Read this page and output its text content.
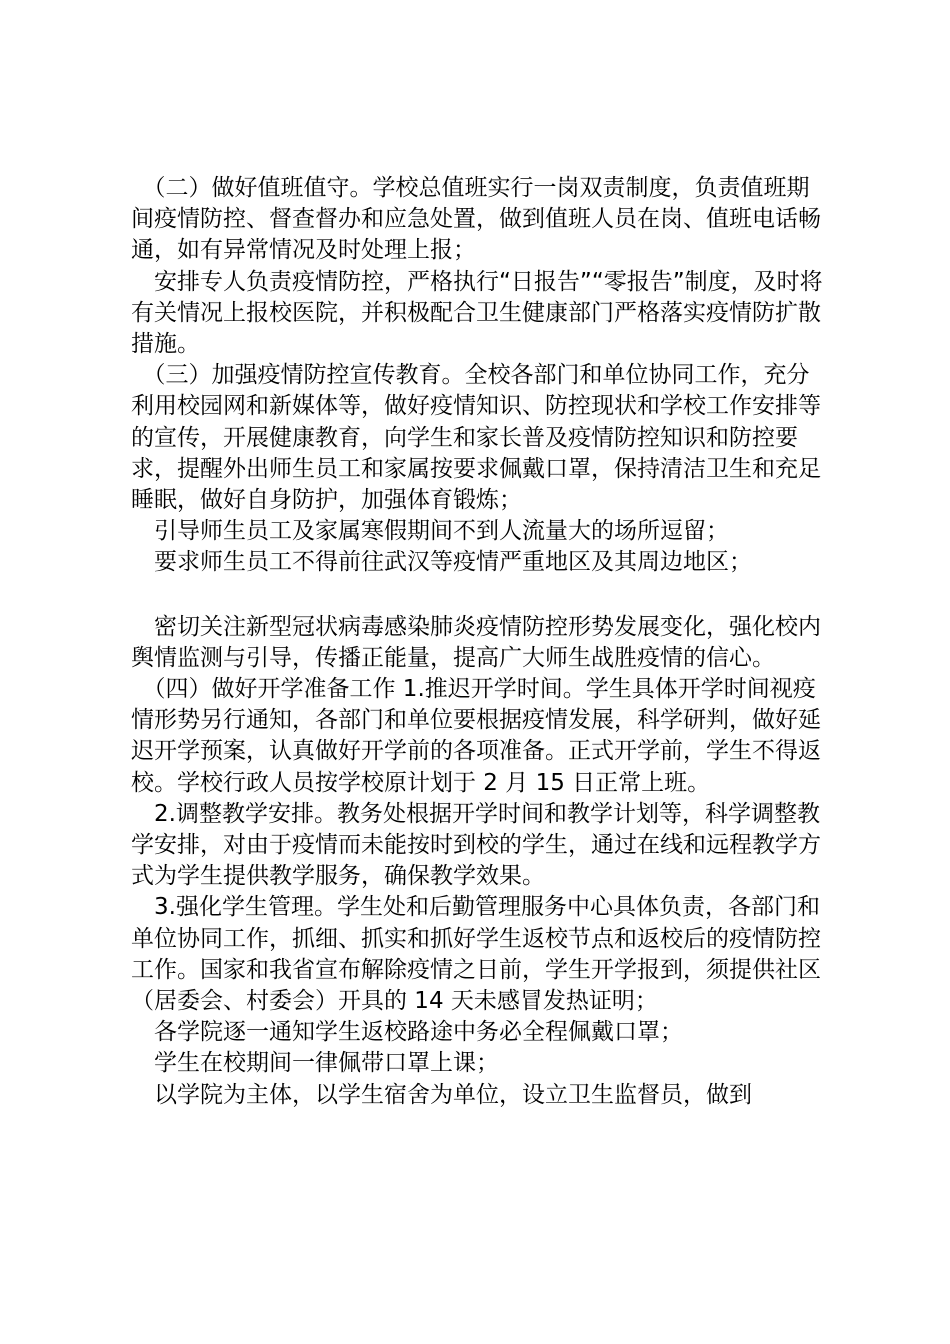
　（二）做好值班值守。学校总值班实行一岗双责制度，负责值班期间疫情防控、督查督办和应急处置，做到值班人员在岗、值班电话畅通，如有异常情况及时处理上报；

　安排专人负责疫情防控，严格执行“日报告”“零报告”制度，及时将有关情况上报校医院，并积极配合卫生健康部门严格落实疫情防扩散措施。

　（三）加强疫情防控宣传教育。全校各部门和单位协同工作，充分利用校园网和新媒体等，做好疫情知识、防控现状和学校工作安排等的宣传，开展健康教育，向学生和家长普及疫情防控知识和防控要求，提醒外出师生员工和家属按要求佩戴口罩，保持清洁卫生和充足睡眠，做好自身防护，加强体育锻炼；

　引导师生员工及家属寒假期间不到人流量大的场所逗留；

　要求师生员工不得前往武汉等疫情严重地区及其周边地区；

　密切关注新型冠状病毒感染肺炎疫情防控形势发展变化，强化校内舆情监测与引导，传播正能量，提高广大师生战胜疫情的信心。

　（四）做好开学准备工作 1.推迟开学时间。学生具体开学时间视疫情形势另行通知，各部门和单位要根据疫情发展，科学研判，做好延迟开学预案，认真做好开学前的各项准备。正式开学前，学生不得返校。学校行政人员按学校原计划于 2 月 15 日正常上班。

　2.调整教学安排。教务处根据开学时间和教学计划等，科学调整教学安排，对由于疫情而未能按时到校的学生，通过在线和远程教学方式为学生提供教学服务，确保教学效果。

　3.强化学生管理。学生处和后勤管理服务中心具体负责，各部门和单位协同工作，抓细、抓实和抓好学生返校节点和返校后的疫情防控工作。国家和我省宣布解除疫情之日前，学生开学报到，须提供社区（居委会、村委会）开具的 14 天未感冒发热证明；

　各学院逐一通知学生返校路途中务必全程佩戴口罩；

　学生在校期间一律佩带口罩上课；

　以学院为主体，以学生宿舍为单位，设立卫生监督员，做到
